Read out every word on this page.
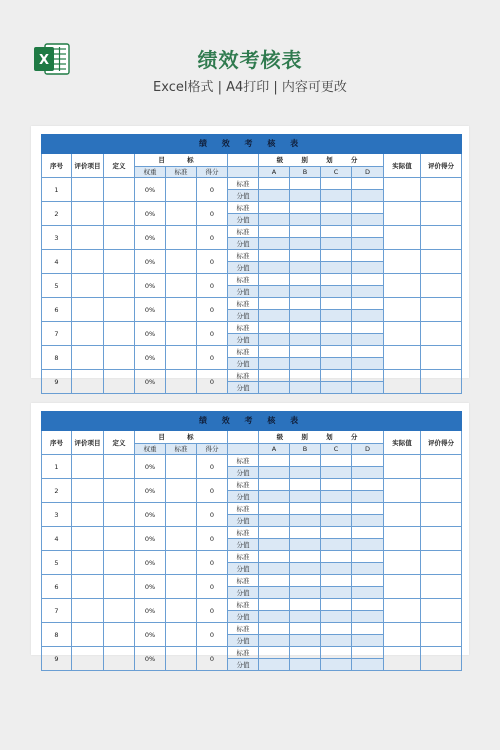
X	绩效考核表
Excel格式 | A4打印 | 内容可更改
绩 效 考 核 表												
序号	评价项目	定义	目 标				级 别 划 分				实际值	评价得分
			权重	标准	得分		A	B	C	D		
1			0%		0	标准						
						分值						
2			0%		0	标准						
						分值						
3			0%		0	标准						
						分值						
4			0%		0	标准						
						分值						
5			0%		0	标准						
						分值						
6			0%		0	标准						
						分值						
7			0%		0	标准						
						分值						
8			0%		0	标准						
						分值						
9			0%		0	标准						
						分值						
绩 效 考 核 表												
序号	评价项目	定义	目 标				级 别 划 分				实际值	评价得分
			权重	标准	得分		A	B	C	D		
1			0%		0	标准						
						分值						
2			0%		0	标准						
						分值						
3			0%		0	标准						
						分值						
4			0%		0	标准						
						分值						
5			0%		0	标准						
						分值						
6			0%		0	标准						
						分值						
7			0%		0	标准						
						分值						
8			0%		0	标准						
						分值						
9			0%		0	标准						
						分值						
